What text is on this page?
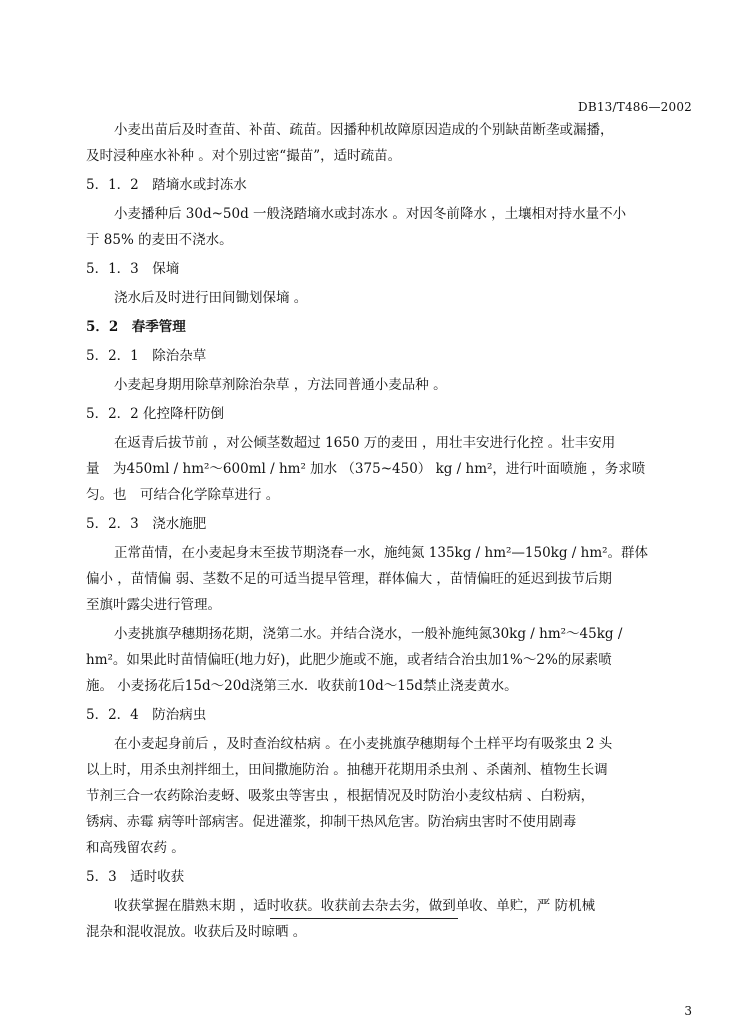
DB13/T486—2002
小麦出苗后及时查苗、补苗、疏苗。因播种机故障原因造成的个别缺苗断垄或漏播，
及时浸种座水补种 。对个别过密“撮苗”，适时疏苗。
5．1．2　踏墒水或封冻水
小麦播种后 30d~50d 一般浇踏墒水或封冻水 。对因冬前降水 ，土壤相对持水量不小
于 85% 的麦田不浇水。
5．1．3　保墒
浇水后及时进行田间锄划保墒 。
5．2　春季管理
5．2．1　除治杂草
小麦起身期用除草剂除治杂草 ，方法同普通小麦品种 。
5．2．2 化控降杆防倒
在返青后拔节前 ，对公倾茎数超过 1650 万的麦田 ，用壮丰安进行化控 。壮丰安用
量　为450ml / hm²～600ml / hm² 加水 （375~450） kg / hm²，进行叶面喷施 ，务求喷
匀。也　可结合化学除草进行 。
5．2．3　浇水施肥
正常苗情，在小麦起身末至拔节期浇春一水，施纯氮 135kg / hm²—150kg / hm²。群体
偏小 ，苗情偏 弱、茎数不足的可适当提早管理，群体偏大 ，苗情偏旺的延迟到拔节后期
至旗叶露尖进行管理。
小麦挑旗孕穗期扬花期，浇第二水。并结合浇水，一般补施纯氮30kg / hm²～45kg /
hm²。如果此时苗情偏旺(地力好)，此肥少施或不施，或者结合治虫加1%～2%的尿素喷
施。 小麦扬花后15d～20d浇第三水．收获前10d～15d禁止浇麦黄水。
5．2．4　防治病虫
在小麦起身前后 ，及时查治纹枯病 。在小麦挑旗孕穗期每个土样平均有吸浆虫 2 头
以上时，用杀虫剂拌细土，田间撒施防治 。抽穗开花期用杀虫剂 、杀菌剂、植物生长调
节剂三合一农药除治麦蚜、吸浆虫等害虫 ，根据情况及时防治小麦纹枯病 、白粉病，
锈病、赤霉 病等叶部病害。促进灌浆，抑制干热风危害。防治病虫害时不使用剧毒
和高残留农药 。
5．3　适时收获
收获掌握在腊熟末期 ，适时收获。收获前去杂去劣，做到单收、单贮，严 防机械
混杂和混收混放。收获后及时晾晒 。
3
